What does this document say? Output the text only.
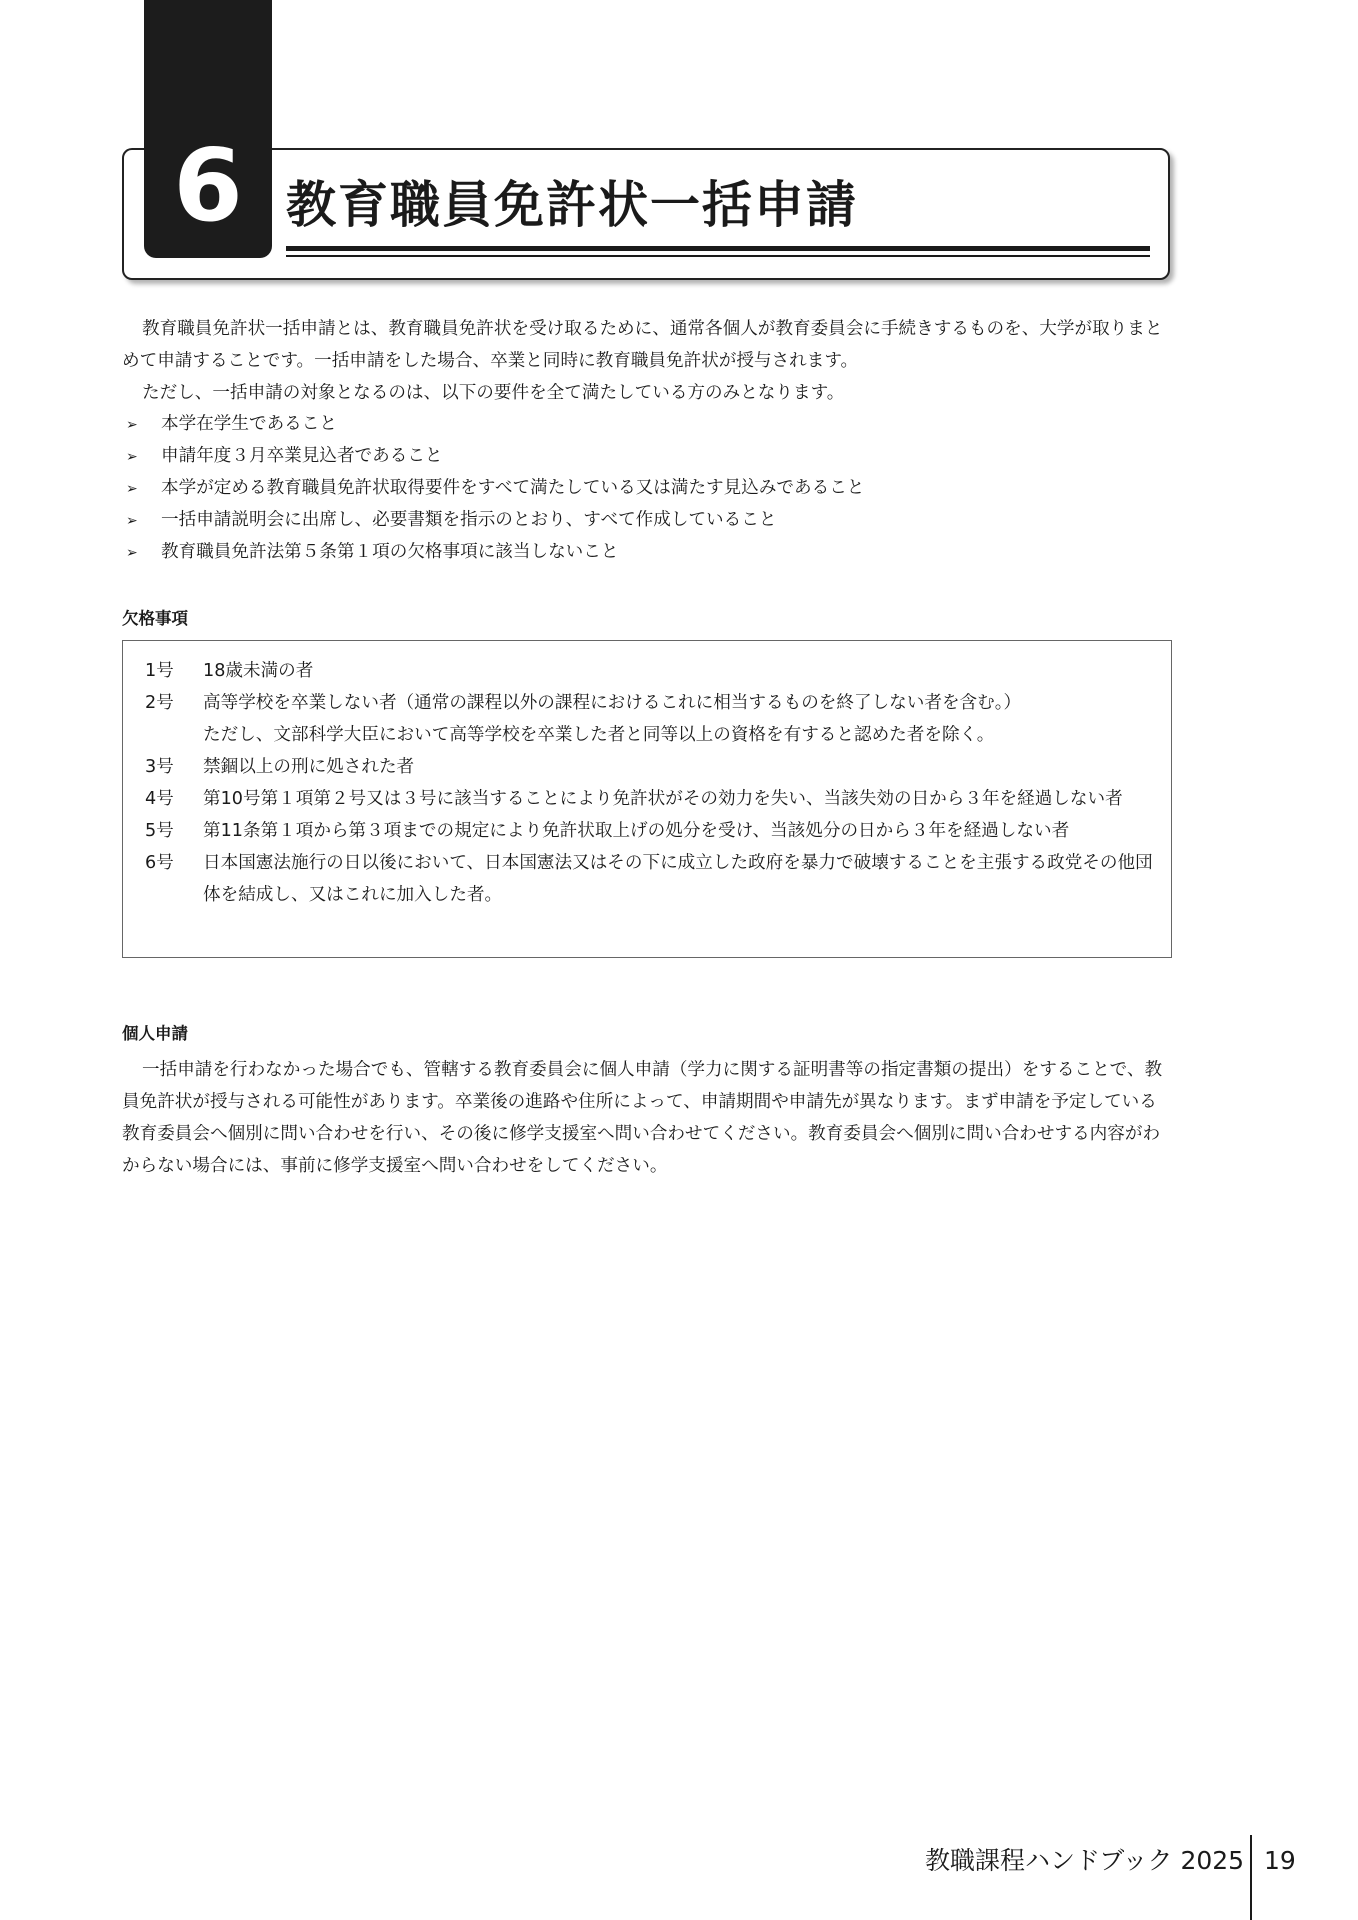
6 教育職員免許状一括申請

教育職員免許状一括申請とは、教育職員免許状を受け取るために、通常各個人が教育委員会に手続きするものを、大学が取りまとめて申請することです。一括申請をした場合、卒業と同時に教育職員免許状が授与されます。

ただし、一括申請の対象となるのは、以下の要件を全て満たしている方のみとなります。

➢ 本学在学生であること
➢ 申請年度３月卒業見込者であること
➢ 本学が定める教育職員免許状取得要件をすべて満たしている又は満たす見込みであること
➢ 一括申請説明会に出席し、必要書類を指示のとおり、すべて作成していること
➢ 教育職員免許法第５条第１項の欠格事項に該当しないこと
欠格事項
1号	18歳未満の者
2号	高等学校を卒業しない者（通常の課程以外の課程におけるこれに相当するものを終了しない者を含む。）
ただし、文部科学大臣において高等学校を卒業した者と同等以上の資格を有すると認めた者を除く。
3号	禁錮以上の刑に処された者
4号	第10号第１項第２号又は３号に該当することにより免許状がその効力を失い、当該失効の日から３年を経過しない者
5号	第11条第１項から第３項までの規定により免許状取上げの処分を受け、当該処分の日から３年を経過しない者
6号	日本国憲法施行の日以後において、日本国憲法又はその下に成立した政府を暴力で破壊することを主張する政党その他団体を結成し、又はこれに加入した者。
個人申請

一括申請を行わなかった場合でも、管轄する教育委員会に個人申請（学力に関する証明書等の指定書類の提出）をすることで、教員免許状が授与される可能性があります。卒業後の進路や住所によって、申請期間や申請先が異なります。まず申請を予定している教育委員会へ個別に問い合わせを行い、その後に修学支援室へ問い合わせてください。教育委員会へ個別に問い合わせする内容がわからない場合には、事前に修学支援室へ問い合わせをしてください。

教職課程ハンドブック 2025 19
